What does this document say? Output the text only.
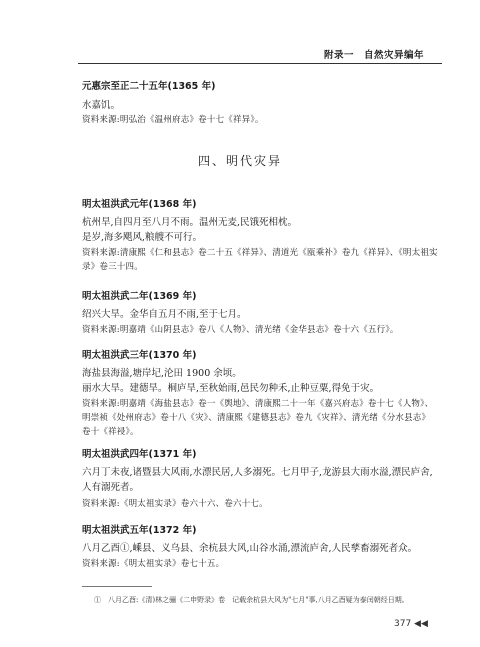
附录一　自然灾异编年
元惠宗至正二十五年(1365 年)
水嘉饥。
资料来源:明弘治《温州府志》卷十七《祥异》。
四、明代灾异
明太祖洪武元年(1368 年)
杭州旱,自四月至八月不雨。温州无麦,民饿死相枕。
是岁,海多飓风,粮艘不可行。
资料来源:清康熙《仁和县志》卷二十五《祥异》、清道光《瓯乘补》卷九《祥异》、《明太祖实录》卷三十四。
明太祖洪武二年(1369 年)
绍兴大旱。金华自五月不雨,至于七月。
资料来源:明嘉靖《山阴县志》卷八《人物》、清光绪《金华县志》卷十六《五行》。
明太祖洪武三年(1370 年)
海盐县海溢,塘岸圮,沦田 1900 余顷。
丽水大旱。建德旱。桐庐旱,至秋始雨,邑民勿种禾,止种豆粟,得免于灾。
资料来源:明嘉靖《海盐县志》卷一《舆地》、清康熙二十一年《嘉兴府志》卷十七《人物》、明崇祯《处州府志》卷十八《灾》、清康熙《建德县志》卷九《灾祥》、清光绪《分水县志》卷十《祥祲》。
明太祖洪武四年(1371 年)
六月丁未夜,诸暨县大风雨,水漂民居,人多溺死。七月甲子,龙游县大雨水溢,漂民庐舍,人有溺死者。
资料来源:《明太祖实录》卷六十六、卷六十七。
明太祖洪武五年(1372 年)
八月乙酉①,嵊县、义乌县、余杭县大风,山谷水涌,漂流庐舍,人民孳畜溺死者众。
资料来源:《明太祖实录》卷七十五。
①　八月乙酉:《清)林之骊《二申野录》卷　记载余杭县大风为"七月"事,八月乙酉疑为泰闰朝经日期。
377 ◀◀
